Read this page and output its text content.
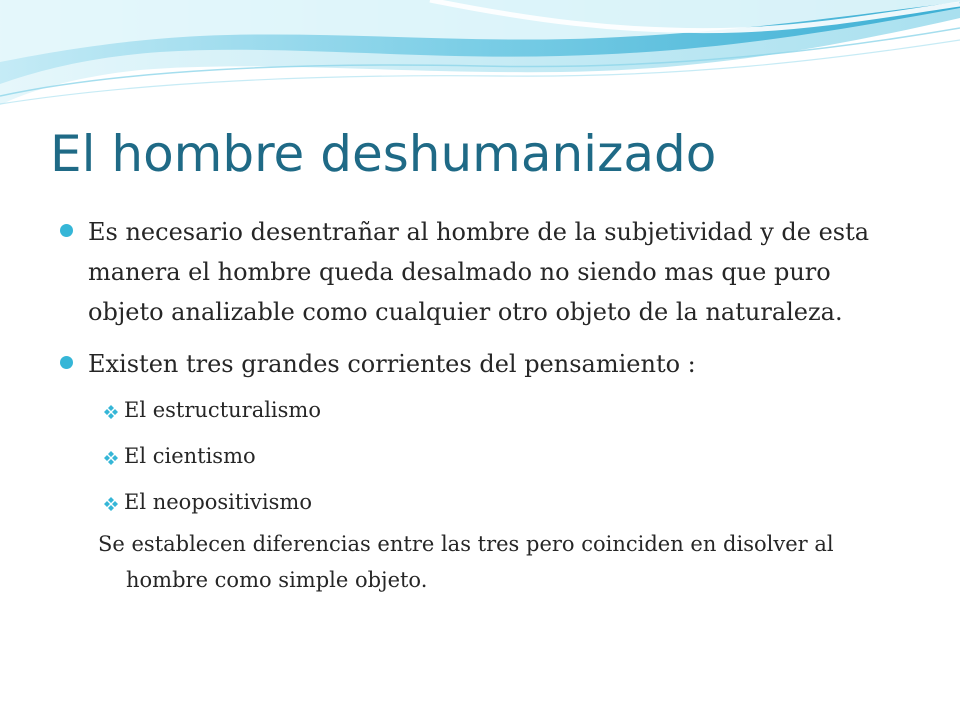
El hombre deshumanizado
Es necesario desentrañar al hombre de la subjetividad y de esta manera el hombre queda desalmado no siendo mas que puro objeto analizable como cualquier otro objeto de la naturaleza.
Existen tres grandes corrientes del pensamiento :
El estructuralismo
El cientismo
El neopositivismo
Se establecen diferencias entre las tres pero coinciden en disolver al hombre como simple objeto.
